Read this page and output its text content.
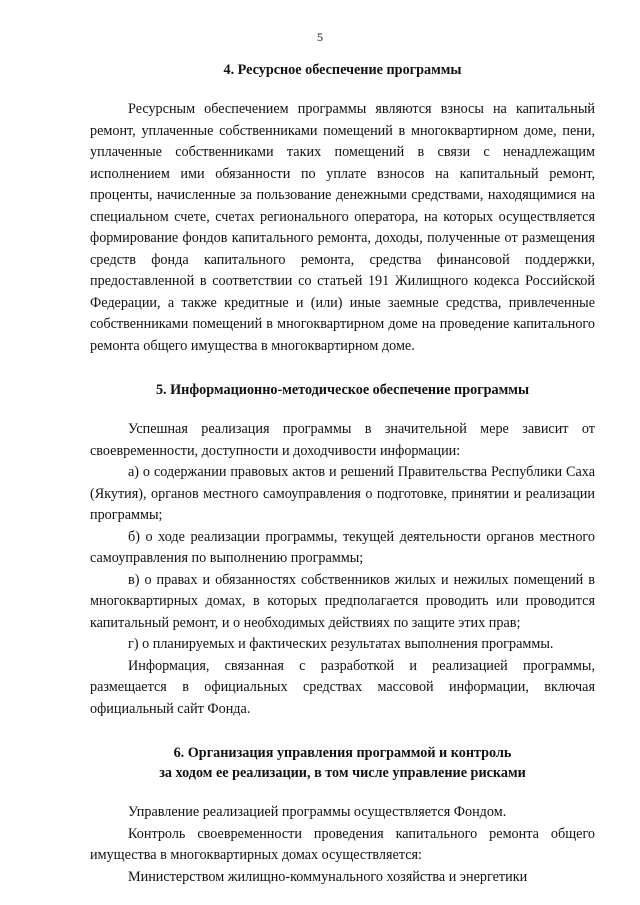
5
4. Ресурсное обеспечение программы

Ресурсным обеспечением программы являются взносы на капитальный ремонт, уплаченные собственниками помещений в многоквартирном доме, пени, уплаченные собственниками таких помещений в связи с ненадлежащим исполнением ими обязанности по уплате взносов на капитальный ремонт, проценты, начисленные за пользование денежными средствами, находящимися на специальном счете, счетах регионального оператора, на которых осуществляется формирование фондов капитального ремонта, доходы, полученные от размещения средств фонда капитального ремонта, средства финансовой поддержки, предоставленной в соответствии со статьей 191 Жилищного кодекса Российской Федерации, а также кредитные и (или) иные заемные средства, привлеченные собственниками помещений в многоквартирном доме на проведение капитального ремонта общего имущества в многоквартирном доме.

5. Информационно-методическое обеспечение программы

Успешная реализация программы в значительной мере зависит от своевременности, доступности и доходчивости информации:

а) о содержании правовых актов и решений Правительства Республики Саха (Якутия), органов местного самоуправления о подготовке, принятии и реализации программы;

б) о ходе реализации программы, текущей деятельности органов местного самоуправления по выполнению программы;

в) о правах и обязанностях собственников жилых и нежилых помещений в многоквартирных домах, в которых предполагается проводить или проводится капитальный ремонт, и о необходимых действиях по защите этих прав;

г) о планируемых и фактических результатах выполнения программы.

Информация, связанная с разработкой и реализацией программы, размещается в официальных средствах массовой информации, включая официальный сайт Фонда.

6. Организация управления программой и контроль
за ходом ее реализации, в том числе управление рисками

Управление реализацией программы осуществляется Фондом.

Контроль своевременности проведения капитального ремонта общего имущества в многоквартирных домах осуществляется:

Министерством жилищно-коммунального хозяйства и энергетики
